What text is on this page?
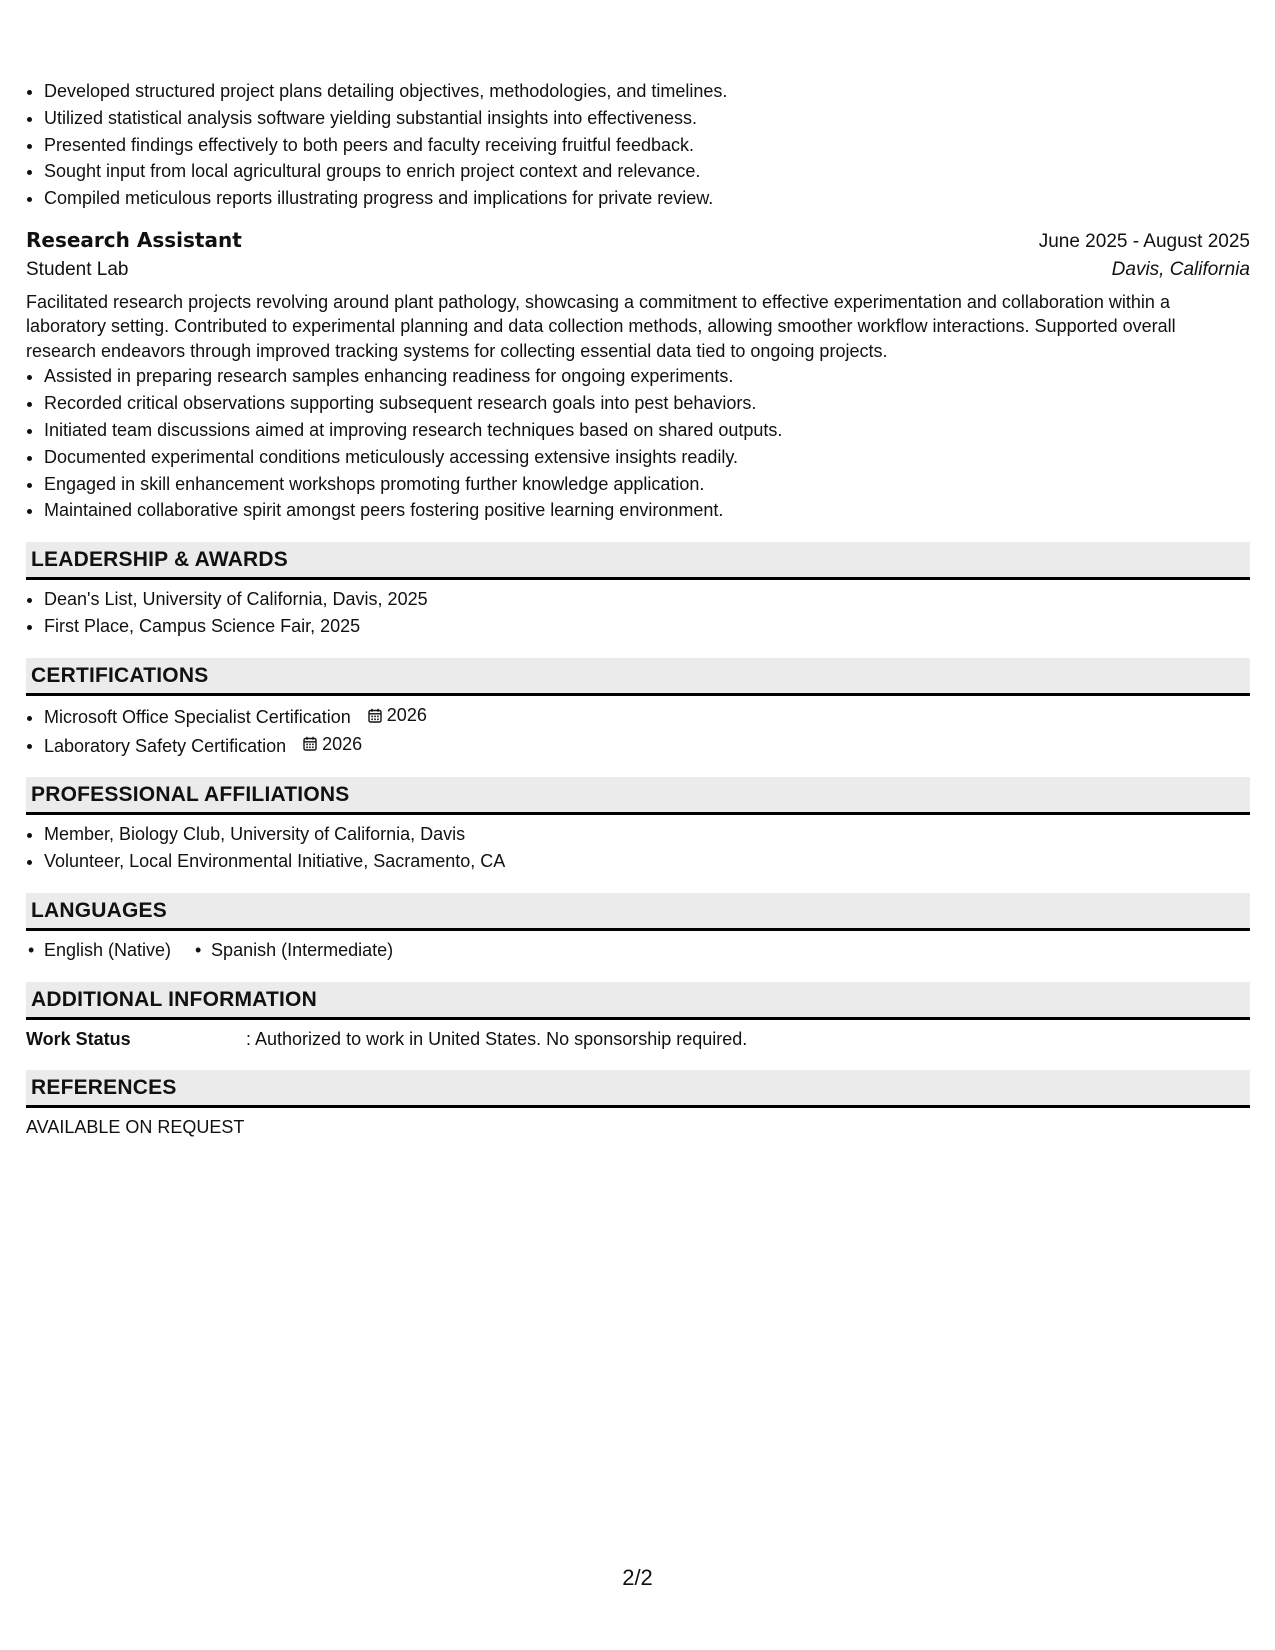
• Developed structured project plans detailing objectives, methodologies, and timelines.
• Utilized statistical analysis software yielding substantial insights into effectiveness.
• Presented findings effectively to both peers and faculty receiving fruitful feedback.
• Sought input from local agricultural groups to enrich project context and relevance.
• Compiled meticulous reports illustrating progress and implications for private review.
Research Assistant	June 2025 - August 2025
Student Lab	Davis, California
Facilitated research projects revolving around plant pathology, showcasing a commitment to effective experimentation and collaboration within a laboratory setting. Contributed to experimental planning and data collection methods, allowing smoother workflow interactions. Supported overall research endeavors through improved tracking systems for collecting essential data tied to ongoing projects.
• Assisted in preparing research samples enhancing readiness for ongoing experiments.
• Recorded critical observations supporting subsequent research goals into pest behaviors.
• Initiated team discussions aimed at improving research techniques based on shared outputs.
• Documented experimental conditions meticulously accessing extensive insights readily.
• Engaged in skill enhancement workshops promoting further knowledge application.
• Maintained collaborative spirit amongst peers fostering positive learning environment.
LEADERSHIP & AWARDS
• Dean's List, University of California, Davis, 2025
• First Place, Campus Science Fair, 2025
CERTIFICATIONS
• Microsoft Office Specialist Certification 2026
• Laboratory Safety Certification 2026
PROFESSIONAL AFFILIATIONS
• Member, Biology Club, University of California, Davis
• Volunteer, Local Environmental Initiative, Sacramento, CA
LANGUAGES
• English (Native)
•	Spanish (Intermediate)
ADDITIONAL INFORMATION
Work Status	: Authorized to work in United States. No sponsorship required.
REFERENCES
AVAILABLE ON REQUEST
2/2
